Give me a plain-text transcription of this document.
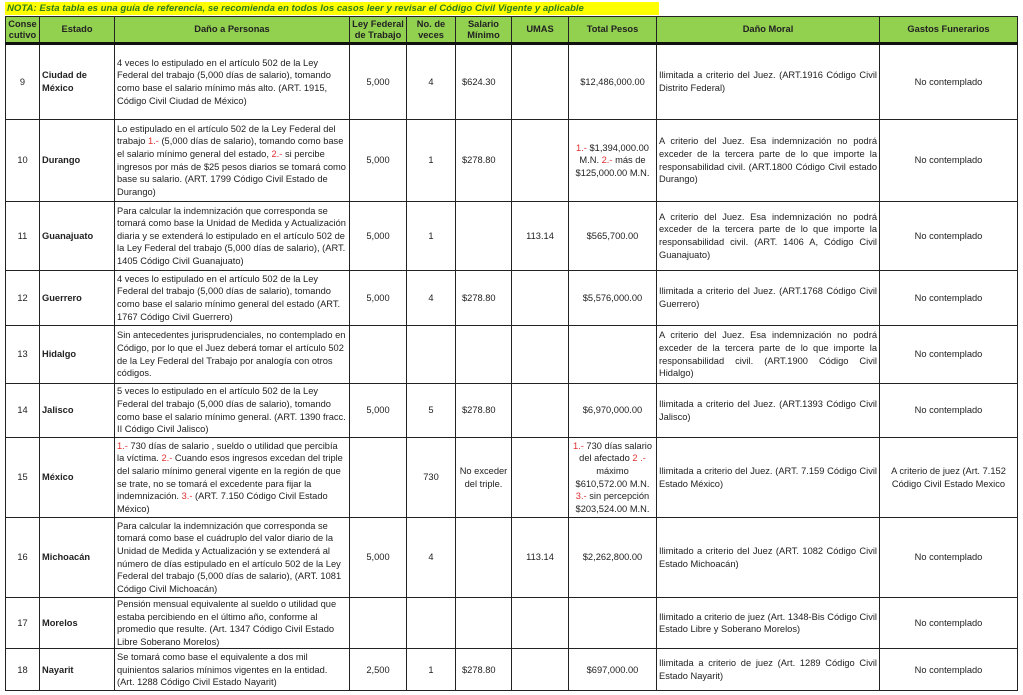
NOTA: Esta tabla es una guía de referencia, se recomienda en todos los casos leer y revisar el Código Civil Vigente y aplicable
Conse cutivo	Estado	Daño a Personas	Ley Federal de Trabajo	No. de veces	Salario Mínimo	UMAS	Total Pesos	Daño Moral	Gastos Funerarios
9	Ciudad de México	4 veces lo estipulado en el artículo 502 de la Ley Federal del trabajo (5,000 días de salario), tomando como base el salario mínimo más alto. (ART. 1915, Código Civil Ciudad de México)	5,000	4	$ 624.30		$12,486,000.00	Ilimitada a criterio del Juez. (ART.1916 Código Civil Distrito Federal)	No contemplado
10	Durango	Lo estipulado en el artículo 502 de la Ley Federal del trabajo 1.- (5,000 días de salario), tomando como base el salario mínimo general del estado, 2.- si percibe ingresos por más de $25 pesos diarios se tomará como base su salario. (ART. 1799 Código Civil Estado de Durango)	5,000	1	$ 278.80		1.- $1,394,000.00 M.N. 2.- más de $125,000.00 M.N.	A criterio del Juez. Esa indemnización no podrá exceder de la tercera parte de lo que importe la responsabilidad civil. (ART.1800 Código Civil estado Durango)	No contemplado
11	Guanajuato	Para calcular la indemnización que corresponda se tomará como base la Unidad de Medida y Actualización diaria y se extenderá lo estipulado en el artículo 502 de la Ley Federal del trabajo (5,000 días de salario), (ART. 1405 Código Civil Guanajuato)	5,000	1		113.14	$565,700.00	A criterio del Juez. Esa indemnización no podrá exceder de la tercera parte de lo que importe la responsabilidad civil. (ART. 1406 A, Código Civil Guanajuato)	No contemplado
12	Guerrero	4 veces lo estipulado en el artículo 502 de la Ley Federal del trabajo (5,000 días de salario), tomando como base el salario mínimo general del estado (ART. 1767 Código Civil Guerrero)	5,000	4	$ 278.80		$5,576,000.00	Ilimitada a criterio del Juez. (ART.1768 Código Civil Guerrero)	No contemplado
13	Hidalgo	Sin antecedentes jurisprudenciales, no contemplado en Código, por lo que el Juez deberá tomar el artículo 502 de la Ley Federal del Trabajo por analogía con otros códigos.						A criterio del Juez. Esa indemnización no podrá exceder de la tercera parte de lo que importe la responsabilidad civil. (ART.1900 Código Civil Hidalgo)	No contemplado
14	Jalisco	5 veces lo estipulado en el artículo 502 de la Ley Federal del trabajo (5,000 días de salario), tomando como base el salario mínimo general. (ART. 1390 fracc. II Código Civil Jalisco)	5,000	5	$ 278.80		$6,970,000.00	Ilimitada a criterio del Juez. (ART.1393 Código Civil Jalisco)	No contemplado
15	México	1.- 730 días de salario , sueldo o utilidad que percibía la víctima. 2.- Cuando esos ingresos excedan del triple del salario mínimo general vigente en la región de que se trate, no se tomará el excedente para fijar la indemnización. 3.- (ART. 7.150 Código Civil Estado México)		730	No exceder del triple.		1.- 730 días salario del afectado 2 .- máximo $610,572.00 M.N. 3.- sin percepción $203,524.00 M.N.	Ilimitada a criterio del Juez. (ART. 7.159 Código Civil Estado México)	A criterio de juez (Art. 7.152 Código Civil Estado Mexico
16	Michoacán	Para calcular la indemnización que corresponda se tomará como base el cuádruplo del valor diario de la Unidad de Medida y Actualización y se extenderá al número de días estipulado en el artículo 502 de la Ley Federal del trabajo (5,000 días de salario), (ART. 1081 Código Civil Michoacán)	5,000	4		113.14	$2,262,800.00	Ilimitado a criterio del Juez (ART. 1082 Código Civil Estado Michoacán)	No contemplado
17	Morelos	Pensión mensual equivalente al sueldo o utilidad que estaba percibiendo en el último año, conforme al promedio que resulte. (Art. 1347 Código Civil Estado Libre Soberano Morelos)						Ilimitado a criterio de juez (Art. 1348-Bis Código Civil Estado Libre y Soberano Morelos)	No contemplado
18	Nayarit	Se tomará como base el equivalente a dos mil quinientos salarios mínimos vigentes en la entidad. (Art. 1288 Código Civil Estado Nayarit)	2,500	1	$ 278.80		$697,000.00	Ilimitada a criterio de juez (Art. 1289 Código Civil Estado Nayarit)	No contemplado
